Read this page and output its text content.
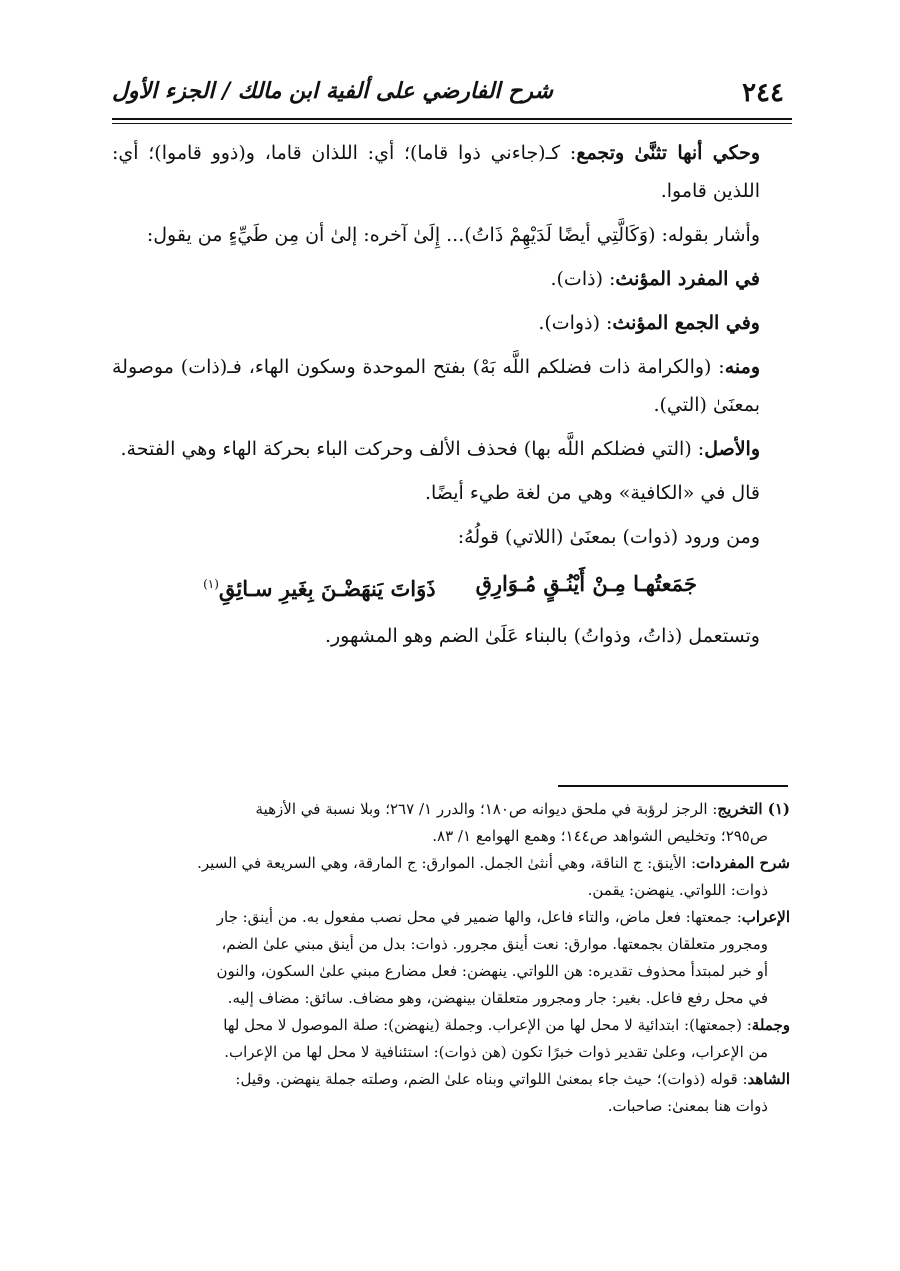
٢٤٤
شرح الفارضي على ألفية ابن مالك / الجزء الأول

وحكي أنها تثنَّىٰ وتجمع: كـ(جاءني ذوا قاما)؛ أي: اللذان قاما، و(ذوو قاموا)؛ أي: اللذين قاموا.

وأشار بقوله: (وَكَالَّتِي أيضًا لَدَيْهِمْ ذَاتُ)... إِلَىٰ آخره: إلىٰ أن مِن طَيِّءٍ من يقول:

في المفرد المؤنث: (ذات).

وفي الجمع المؤنث: (ذوات).

ومنه: (والكرامة ذات فضلكم اللَّه بَهْ) بفتح الموحدة وسكون الهاء، فـ(ذات) موصولة بمعنَىٰ (التي).

والأصل: (التي فضلكم اللَّه بها) فحذف الألف وحركت الباء بحركة الهاء وهي الفتحة.

قال في «الكافية» وهي من لغة طيء أيضًا.

ومن ورود (ذوات) بمعنَىٰ (اللاتي) قولُهُ:

جَمَعتُهـا مِـنْ أَيْنُـقٍ مُـوَارِقِ
ذَوَاتَ يَنهَضْـنَ بِغَيرِ سـائِقِ$^{(١)}$

وتستعمل (ذاتُ، وذواتُ) بالبناء عَلَىٰ الضم وهو المشهور.

(١) التخريج: الرجز لرؤبة في ملحق ديوانه ص١٨٠؛ والدرر ١/ ٢٦٧؛ وبلا نسبة في الأزهية

ص٢٩٥؛ وتخليص الشواهد ص١٤٤؛ وهمع الهوامع ١/ ٨٣.

شرح المفردات: الأينق: ج الناقة، وهي أنثىٰ الجمل. الموارق: ج المارقة، وهي السريعة في السير.

ذوات: اللواتي. ينهضن: يقمن.

الإعراب: جمعتها: فعل ماض، والتاء فاعل، والها ضمير في محل نصب مفعول به. من أينق: جار

ومجرور متعلقان بجمعتها. موارق: نعت أينق مجرور. ذوات: بدل من أينق مبني علىٰ الضم،

أو خبر لمبتدأ محذوف تقديره: هن اللواتي. ينهضن: فعل مضارع مبني علىٰ السكون، والنون

في محل رفع فاعل. بغير: جار ومجرور متعلقان بينهضن، وهو مضاف. سائق: مضاف إليه.

وجملة: (جمعتها): ابتدائية لا محل لها من الإعراب. وجملة (ينهضن): صلة الموصول لا محل لها

من الإعراب، وعلىٰ تقدير ذوات خبرًا تكون (هن ذوات): استئنافية لا محل لها من الإعراب.

الشاهد: قوله (ذوات)؛ حيث جاء بمعنىٰ اللواتي وبناه علىٰ الضم، وصلته جملة ينهضن. وقيل:

ذوات هنا بمعنىٰ: صاحبات.
